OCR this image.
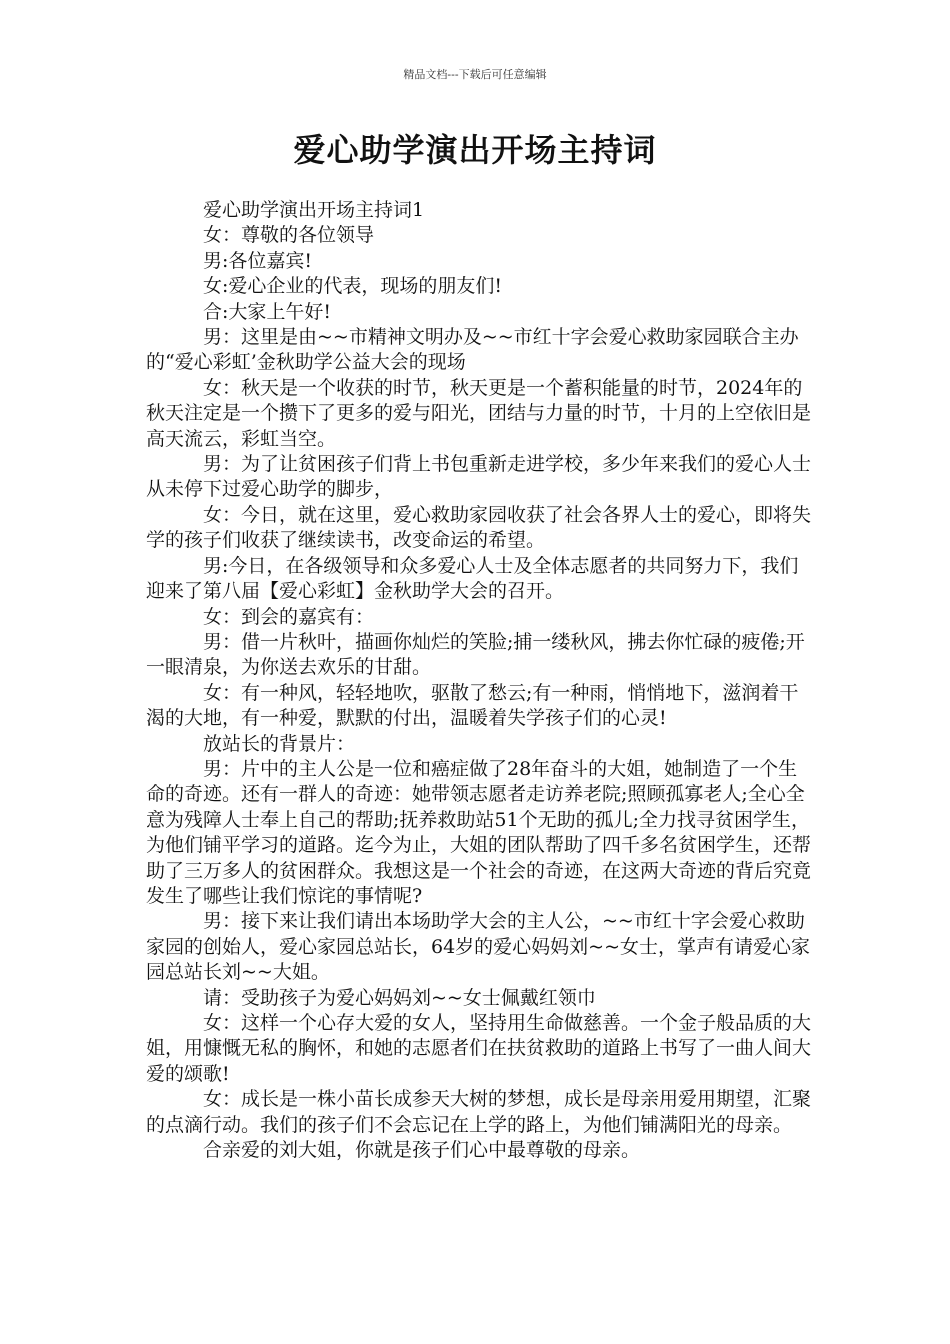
精品文档---下载后可任意编辑
爱心助学演出开场主持词

爱心助学演出开场主持词1

女：尊敬的各位领导

男:各位嘉宾!

女:爱心企业的代表，现场的朋友们!

合:大家上午好!

男：这里是由~~市精神文明办及~~市红十字会爱心救助家园联合主办的“爱心彩虹’金秋助学公益大会的现场

女：秋天是一个收获的时节，秋天更是一个蓄积能量的时节，2024年的秋天注定是一个攒下了更多的爱与阳光，团结与力量的时节，十月的上空依旧是高天流云，彩虹当空。

男：为了让贫困孩子们背上书包重新走进学校，多少年来我们的爱心人士从未停下过爱心助学的脚步，

女：今日，就在这里，爱心救助家园收获了社会各界人士的爱心，即将失学的孩子们收获了继续读书，改变命运的希望。

男:今日，在各级领导和众多爱心人士及全体志愿者的共同努力下，我们迎来了第八届【爱心彩虹】金秋助学大会的召开。

女：到会的嘉宾有：

男：借一片秋叶，描画你灿烂的笑脸;捕一缕秋风，拂去你忙碌的疲倦;开一眼清泉，为你送去欢乐的甘甜。

女：有一种风，轻轻地吹，驱散了愁云;有一种雨，悄悄地下，滋润着干渴的大地，有一种爱，默默的付出，温暖着失学孩子们的心灵!

放站长的背景片：

男：片中的主人公是一位和癌症做了28年奋斗的大姐，她制造了一个生命的奇迹。还有一群人的奇迹：她带领志愿者走访养老院;照顾孤寡老人;全心全意为残障人士奉上自己的帮助;抚养救助站51个无助的孤儿;全力找寻贫困学生，为他们铺平学习的道路。迄今为止，大姐的团队帮助了四千多名贫困学生，还帮助了三万多人的贫困群众。我想这是一个社会的奇迹，在这两大奇迹的背后究竟发生了哪些让我们惊诧的事情呢?

男：接下来让我们请出本场助学大会的主人公，~~市红十字会爱心救助家园的创始人，爱心家园总站长，64岁的爱心妈妈刘~~女士，掌声有请爱心家园总站长刘~~大姐。

请：受助孩子为爱心妈妈刘~~女士佩戴红领巾

女：这样一个心存大爱的女人，坚持用生命做慈善。一个金子般品质的大姐，用慷慨无私的胸怀，和她的志愿者们在扶贫救助的道路上书写了一曲人间大爱的颂歌!

女：成长是一株小苗长成参天大树的梦想，成长是母亲用爱用期望，汇聚的点滴行动。我们的孩子们不会忘记在上学的路上，为他们铺满阳光的母亲。

合亲爱的刘大姐，你就是孩子们心中最尊敬的母亲。
